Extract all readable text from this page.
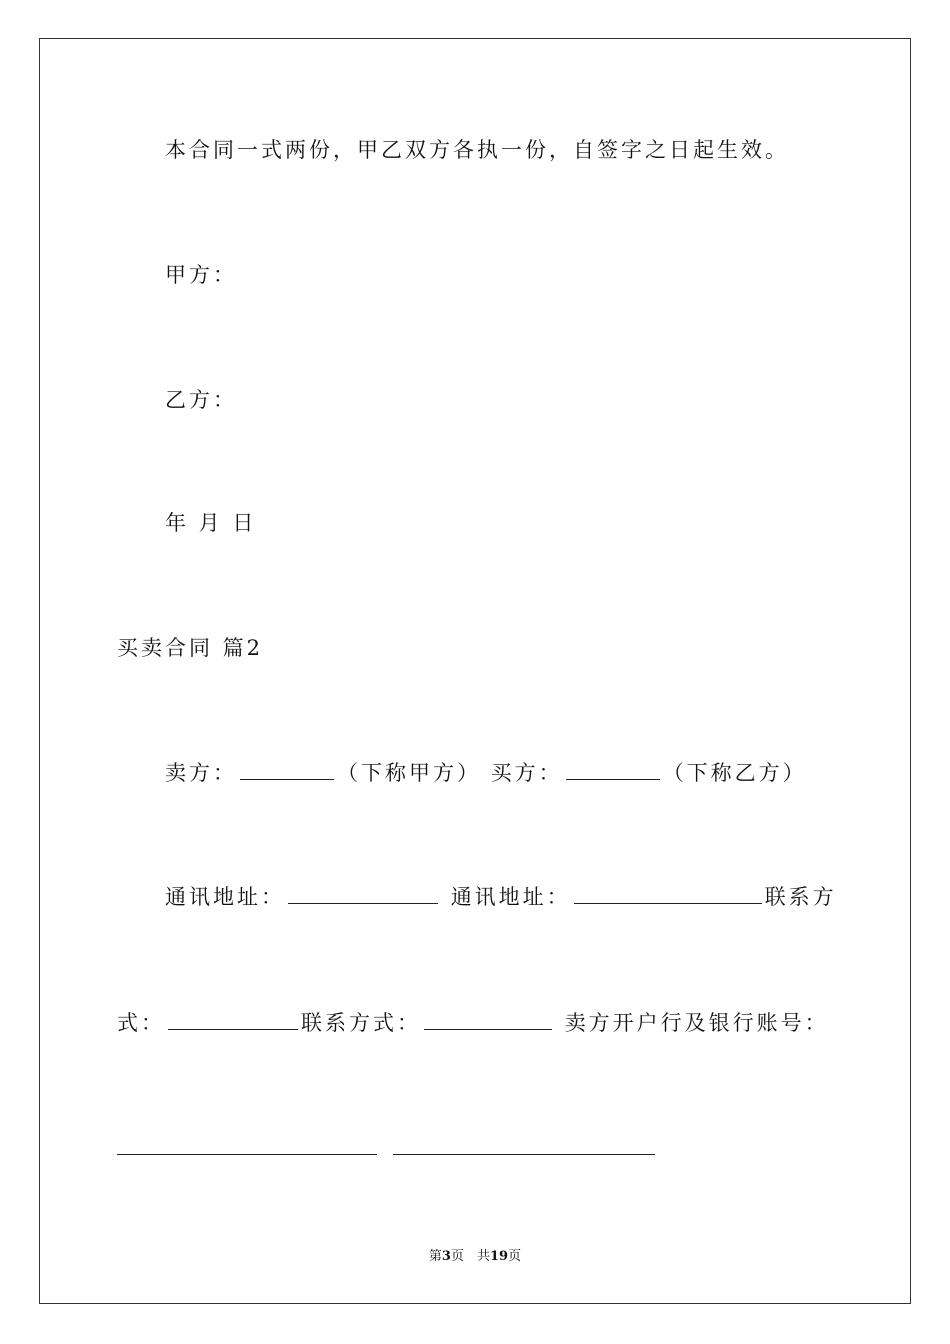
本合同一式两份，甲乙双方各执一份，自签字之日起生效。
甲方：
乙方：
年 月 日
买卖合同 篇2
卖方：	（下称甲方） 买方：	（下称乙方）
通讯地址：	通讯地址：	联系方
式：	联系方式：	卖方开户行及银行账号：

第3页　共19页
